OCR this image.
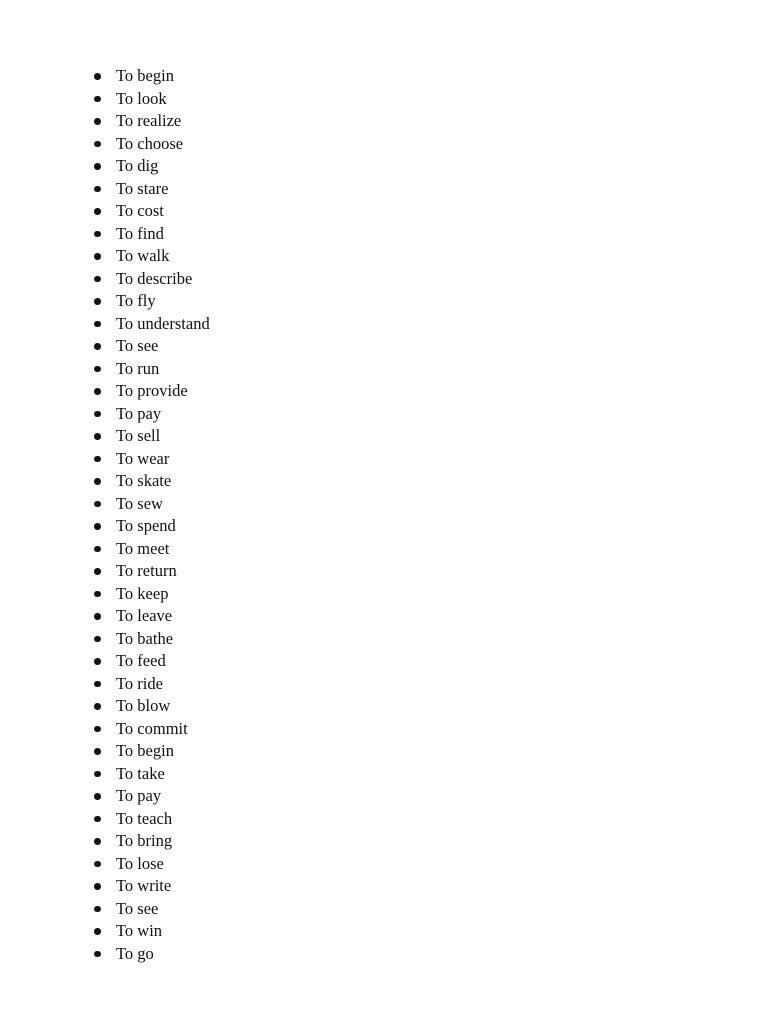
To begin
To look
To realize
To choose
To dig
To stare
To cost
To find
To walk
To describe
To fly
To understand
To see
To run
To provide
To pay
To sell
To wear
To skate
To sew
To spend
To meet
To return
To keep
To leave
To bathe
To feed
To ride
To blow
To commit
To begin
To take
To pay
To teach
To bring
To lose
To write
To see
To win
To go
